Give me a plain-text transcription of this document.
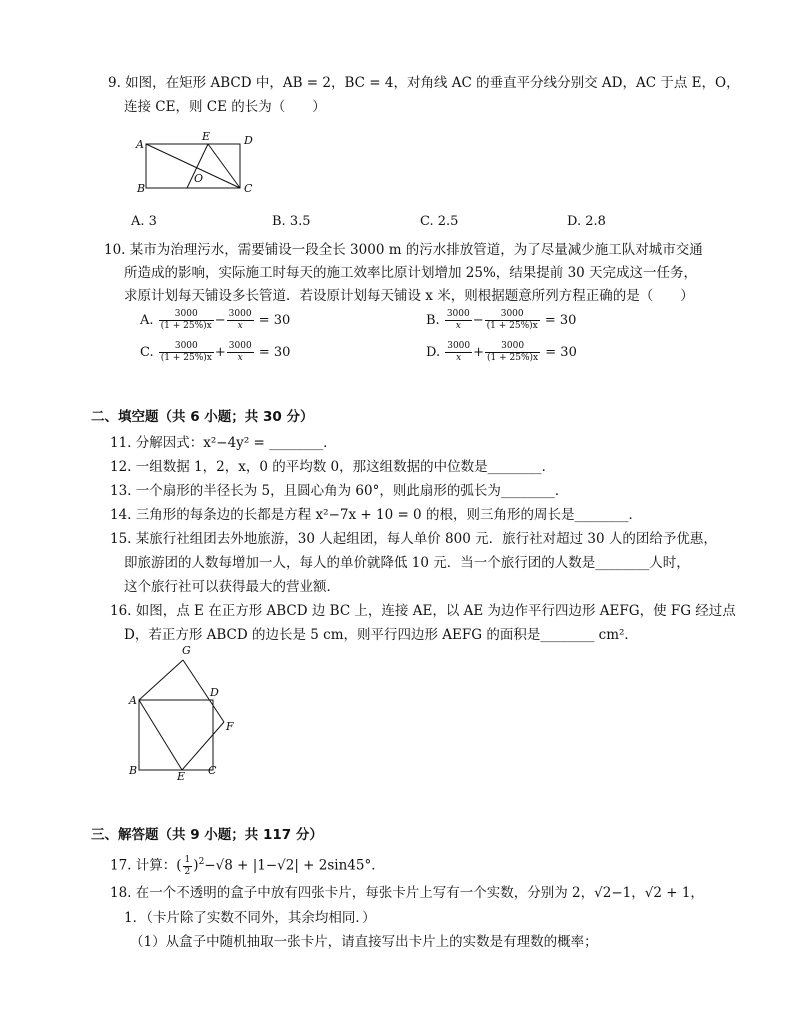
9. 如图，在矩形 ABCD 中，AB = 2，BC = 4，对角线 AC 的垂直平分线分别交 AD，AC 于点 E，O，
连接 CE，则 CE 的长为（　　）
A
B	C
D
E
O
A. 3	B. 3.5	C. 2.5	D. 2.8
10. 某市为治理污水，需要铺设一段全长 3000 m 的污水排放管道，为了尽量减少施工队对城市交通
所造成的影响，实际施工时每天的施工效率比原计划增加 25%，结果提前 30 天完成这一任务，
求原计划每天铺设多长管道．若设原计划每天铺设 x 米，则根据题意所列方程正确的是（　　）
A. $\frac{3000}{(1 + 25\%)x} - \frac{3000}{x} = 30$	B. $\frac{3000}{x} - \frac{3000}{(1 + 25\%)x} = 30$
C. $\frac{3000}{(1 + 25\%)x} + \frac{3000}{x} = 30$	D. $\frac{3000}{x} + \frac{3000}{(1 + 25\%)x} = 30$
二、填空题（共 6 小题；共 30 分）
11. 分解因式：x²−4y² = ________．
12. 一组数据 1，2，x，0 的平均数 0，那这组数据的中位数是________．
13. 一个扇形的半径长为 5，且圆心角为 60°，则此扇形的弧长为________．
14. 三角形的每条边的长都是方程 x²−7x + 10 = 0 的根，则三角形的周长是________．
15. 某旅行社组团去外地旅游，30 人起组团，每人单价 800 元．旅行社对超过 30 人的团给予优惠，
即旅游团的人数每增加一人，每人的单价就降低 10 元．当一个旅行团的人数是________人时，
这个旅行社可以获得最大的营业额．
16. 如图，点 E 在正方形 ABCD 边 BC 上，连接 AE，以 AE 为边作平行四边形 AEFG，使 FG 经过点
D，若正方形 ABCD 的边长是 5 cm，则平行四边形 AEFG 的面积是________ cm²．
G
A
D
F
B	E C
三、解答题（共 9 小题；共 117 分）
17. 计算：( $\frac{1}{2} )^2-√8 + |1-√2| + 2\sin 45^\circ$．
18. 在一个不透明的盒子中放有四张卡片，每张卡片上写有一个实数，分别为 2，√2−1，√2 + 1，
1．（卡片除了实数不同外，其余均相同．）
（1）从盒子中随机抽取一张卡片，请直接写出卡片上的实数是有理数的概率；
